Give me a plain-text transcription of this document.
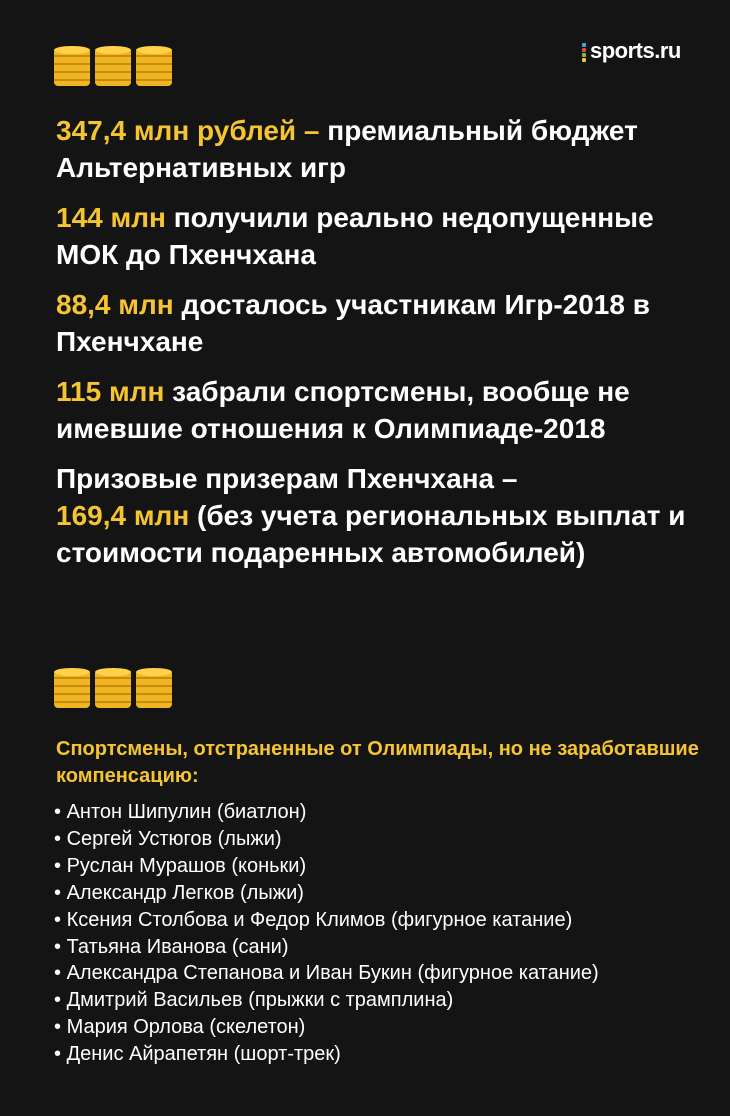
sports.ru

347,4 млн рублей – премиальный бюджет Альтернативных игр

144 млн получили реально недопущенные МОК до Пхенчхана

88,4 млн досталось участникам Игр-2018 в Пхенчхане

115 млн забрали спортсмены, вообще не имевшие отношения к Олимпиаде-2018

Призовые призерам Пхенчхана –
169,4 млн (без учета региональных выплат и стоимости подаренных автомобилей)

Спортсмены, отстраненные от Олимпиады, но не заработавшие компенсацию:
• Антон Шипулин (биатлон)
• Сергей Устюгов (лыжи)
• Руслан Мурашов (коньки)
• Александр Легков (лыжи)
• Ксения Столбова и Федор Климов (фигурное катание)
• Татьяна Иванова (сани)
• Александра Степанова и Иван Букин (фигурное катание)
• Дмитрий Васильев (прыжки с трамплина)
• Мария Орлова (скелетон)
• Денис Айрапетян (шорт-трек)
